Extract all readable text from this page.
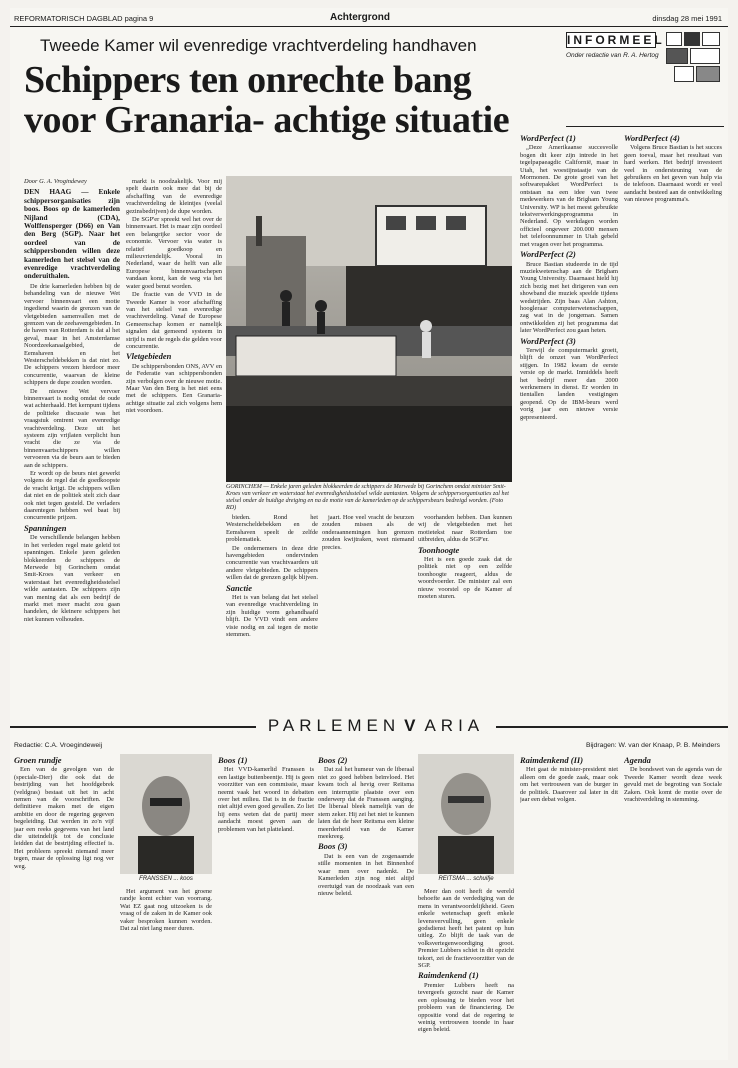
REFORMATORISCH DAGBLAD pagina 9	Achtergrond	dinsdag 28 mei 1991
Tweede Kamer wil evenredige vrachtverdeling handhaven
Schippers ten onrechte bang voor Granaria- achtige situatie
INFORMEEL
Onder redactie van R. A. Hertog

Door G. A. Vrogindewey

DEN HAAG — Enkele schippersorganisaties zijn boos. Boos op de kamerleden Nijland (CDA), Wolffensperger (D66) en Van den Berg (SGP). Naar het oordeel van de schippersbonden willen deze kamerleden het stelsel van de evenredige vrachtverdeling onderuithalen.

De drie kamerleden hebben bij de behandeling van de nieuwe Wet vervoer binnenvaart een motie ingediend waarin de grenzen van de vletgebieden samenvallen met de grenzen van de zeehavengebieden. In de haven van Rotterdam is dat al het geval, maar in het Amsterdamse Noordzeekanaalgebied, de Eemshaven en het Westerscheldebekken is dat niet zo. De schippers vrezen hierdoor meer concurrentie, waarvan de kleine schippers de dupe zouden worden.

De nieuwe Wet vervoer binnenvaart is nodig omdat de oude wat achterhaald. Het kernpunt tijdens de politieke discussie was het vraagstuk omtrent van evenredige vrachtverdeling. Deze uit het systeem zijn vrijlaten verplicht hun vracht die ze via de binnenvaartschippers willen vervoeren via de beurs aan te bieden aan de schippers.

Er wordt op de beurs niet gewerkt volgens de regel dat de goedkoopste de vracht krijgt. De schippers willen dat niet en de politiek stelt zich daar ook niet tegen gesteld. De verladers daarentegen hebben wel baat bij concurrentie prijzen.

Spanningen

De verschillende belangen hebben in het verleden regel mate geleid tot spanningen. Enkele jaren geleden blokkeerden de schippers de Merwede bij Gorinchem omdat Smit-Kroes van verkeer en waterstaat het evenredigheidsstelsel wilde aantasten. De schippers zijn van mening dat als een bedrijf de markt met meer macht zou gaan handelen, de kleinere schippers het niet kunnen volhouden.

markt is noodzakelijk. Voor mij spelt daarin ook mee dat bij de afschaffing van de evenredige vrachtverdeling de kleintjes (veelal gezinsbedrijven) de dupe worden.

De SGP'er spreekt wel het over de binnenvaart. Het is maar zijn oordeel een belangrijke sector voor de economie. Vervoer via water is relatief goedkoop en milieuvriendelijk. Vooral in Nederland, waar de helft van alle Europese binnenvaartschepen vandaan komt, kan de weg via het water goed benut worden.

De fractie van de VVD in de Tweede Kamer is voor afschaffing van het stelsel van evenredige vrachtverdeling. Vanaf de Europese Gemeenschap komen er namelijk signalen dat gemeend systeem in strijd is met de regels die gelden voor concurrentie.

Vletgebieden

De schippersbonden ONS, AVV en de Federatie van schippersbonden zijn verbolgen over de nieuwe motie. Maar Van den Berg is het niet eens met de schippers. Een Granaria-achtige situatie zal zich volgens hem niet voordoen.

GORINCHEM — Enkele jaren geleden blokkeerden de schippers de Merwede bij Gorinchem omdat minister Smit-Kroes van verkeer en waterstaat het evenredigheidsstelsel wilde aantasten. Volgens de schippersorganisaties zal het stelsel onder de huidige dreiging en na de motie van de kamerleden op de schippersbeurs bedreigd worden. (Foto RD)

bieden. Rond het Westerscheldebekken en de Eemshaven speelt de zelfde problematiek.

De ondernemers in deze drie havengebieden ondervinden concurrentie van vrachtvaarders uit andere vletgebieden. De schippers willen dat de grenzen gelijk blijven.

Sanctie

Het is van belang dat het stelsel van evenredige vrachtverdeling in zijn huidige vorm gehandhaafd blijft. De VVD vindt een andere visie nodig en zal tegen de motie stemmen.

jaart. Hoe veel vracht de beurzen zouden missen als de onderaannemingen hun grenzen zouden kwijtraken, weet niemand precies.

voorhanden hebben. Dan kunnen wij de vletgebieden met het motietekst naar Rotterdam toe uitbreiden, aldus de SGP'er.

Toonhoogte

Het is een goede zaak dat de politiek niet op een zelfde toonhoogte reageert, aldus de woordvoerder. De minister zal een nieuw voorstel op de Kamer af moeten sturen.

WordPerfect (1)

„Deze Amerikaanse succesvolle bogen dit keer zijn intrede in het tegelpapaeagdic Californië, maar in Utah, het woestijnstaatje van de Mormonen. De grote groei van het softwarepakket WordPerfect is ontstaan na een idee van twee medewerkers van de Brigham Young University. WP is het meest gebruikte tekstverwerkingsprogramma in Nederland. Op werkdagen worden officieel ongeveer 200.000 mensen het telefoonnummer in Utah gebeld met vragen over het programma.

WordPerfect (2)

Bruce Bastian studeerde in de tijd muziekwetenschap aan de Brigham Young University. Daarnaast hield hij zich bezig met het dirigeren van een showband die muziek speelde tijdens wedstrijden. Zijn baas Alan Ashton, hoogleraar computerwetenschappen, zag wat in de jongeman. Samen ontwikkelden zij het programma dat later WordPerfect zou gaan heten.

WordPerfect (3)

Terwijl de computermarkt groeit, blijft de omzet van WordPerfect stijgen. In 1982 kwam de eerste versie op de markt. Inmiddels heeft het bedrijf meer dan 2000 werknemers in dienst. Er worden in tientallen landen vestigingen geopend. Op de IBM-beurs werd vorig jaar een nieuwe versie gepresenteerd.

WordPerfect (4)

Volgens Bruce Bastian is het succes geen toeval, maar het resultaat van hard werken. Het bedrijf investeert veel in ondersteuning van de gebruikers en het geven van hulp via de telefoon. Daarnaast wordt er veel aandacht besteed aan de ontwikkeling van nieuwe programma's.

PARLEMEN V ARIA
Redactie: C.A. Vroegindeweij	Bijdragen: W. van der Knaap, P. B. Meinders
Groen rundje

Een van de gevolgen van de (speciale-Dier) die ook dat de bestrijding van het hoofdgebrek (veldgras) bestaat uit het in acht nemen van de voorschriften. De definitieve maken met de eigen ambitie en door de regering gegeven begeleiding. Dat werden in zo'n vijf jaar een reeks gegevens van het land die uiteindelijk tot de conclusie leidden dat de bestrijding effectief is. Het probleem spreekt niemand meer tegen, maar de oplossing ligt nog ver weg.

FRANSSEN ... koos

Het argument van het groene randje komt echter van voorrang. Wat EZ gaat nog uitzoeken is de vraag of de zaken in de Kamer ook vaker besproken kunnen worden. Dat zal niet lang meer duren.

Boos (1)

Het VVD-kamerlid Franssen is een lastige buitenbeentje. Hij is geen voorzitter van een commissie, maar neemt vaak het woord in debatten over het milieu. Dat is in de fractie niet altijd even goed gevallen. Zo liet hij eens weten dat de partij meer aandacht moest geven aan de problemen van het platteland.

Boos (2)

Dat zal het humeur van de liberaal niet zo goed hebben beïnvloed. Het kwam toch al hevig over Reitsma een interruptie plaatste over een onderwerp dat de Franssen aanging. De liberaal bleek namelijk van de stem zeker. Hij zei het niet te kunnen laten dat de heer Reitsma een kleine meerderheid van de Kamer meekreeg.

Boos (3)

Dat is een van de zogenaamde stille momenten in het Binnenhof waar men over nadenkt. De Kamerleden zijn nog niet altijd overtuigd van de noodzaak van een nieuw beleid.

REITSMA ... schuifje

Meer dan ooit heeft de wereld behoefte aan de verdediging van de mens in verantwoordelijkheid. Geen enkele wetenschap geeft enkele levensvervulling, geen enkele godsdienst heeft het patent op hun uitleg. Zo blijft de taak van de volksvertegenwoordiging groot. Premier Lubbers schiet in dit opzicht tekort, zei de fractievoorzitter van de SGP.

Raimdenkend (1)

Premier Lubbers heeft na tevergeefs gezocht naar de Kamer een oplossing te bieden voor het probleem van de financiering. De oppositie vond dat de regering te weinig vertrouwen toonde in haar eigen beleid.

Raimdenkend (II)

Het gaat de minister-president niet alleen om de goede zaak, maar ook om het vertrouwen van de burger in de politiek. Daarover zal later in dit jaar een debat volgen.

Agenda

De bondswet van de agenda van de Tweede Kamer wordt deze week gevuld met de begroting van Sociale Zaken. Ook komt de motie over de vrachtverdeling in stemming.
